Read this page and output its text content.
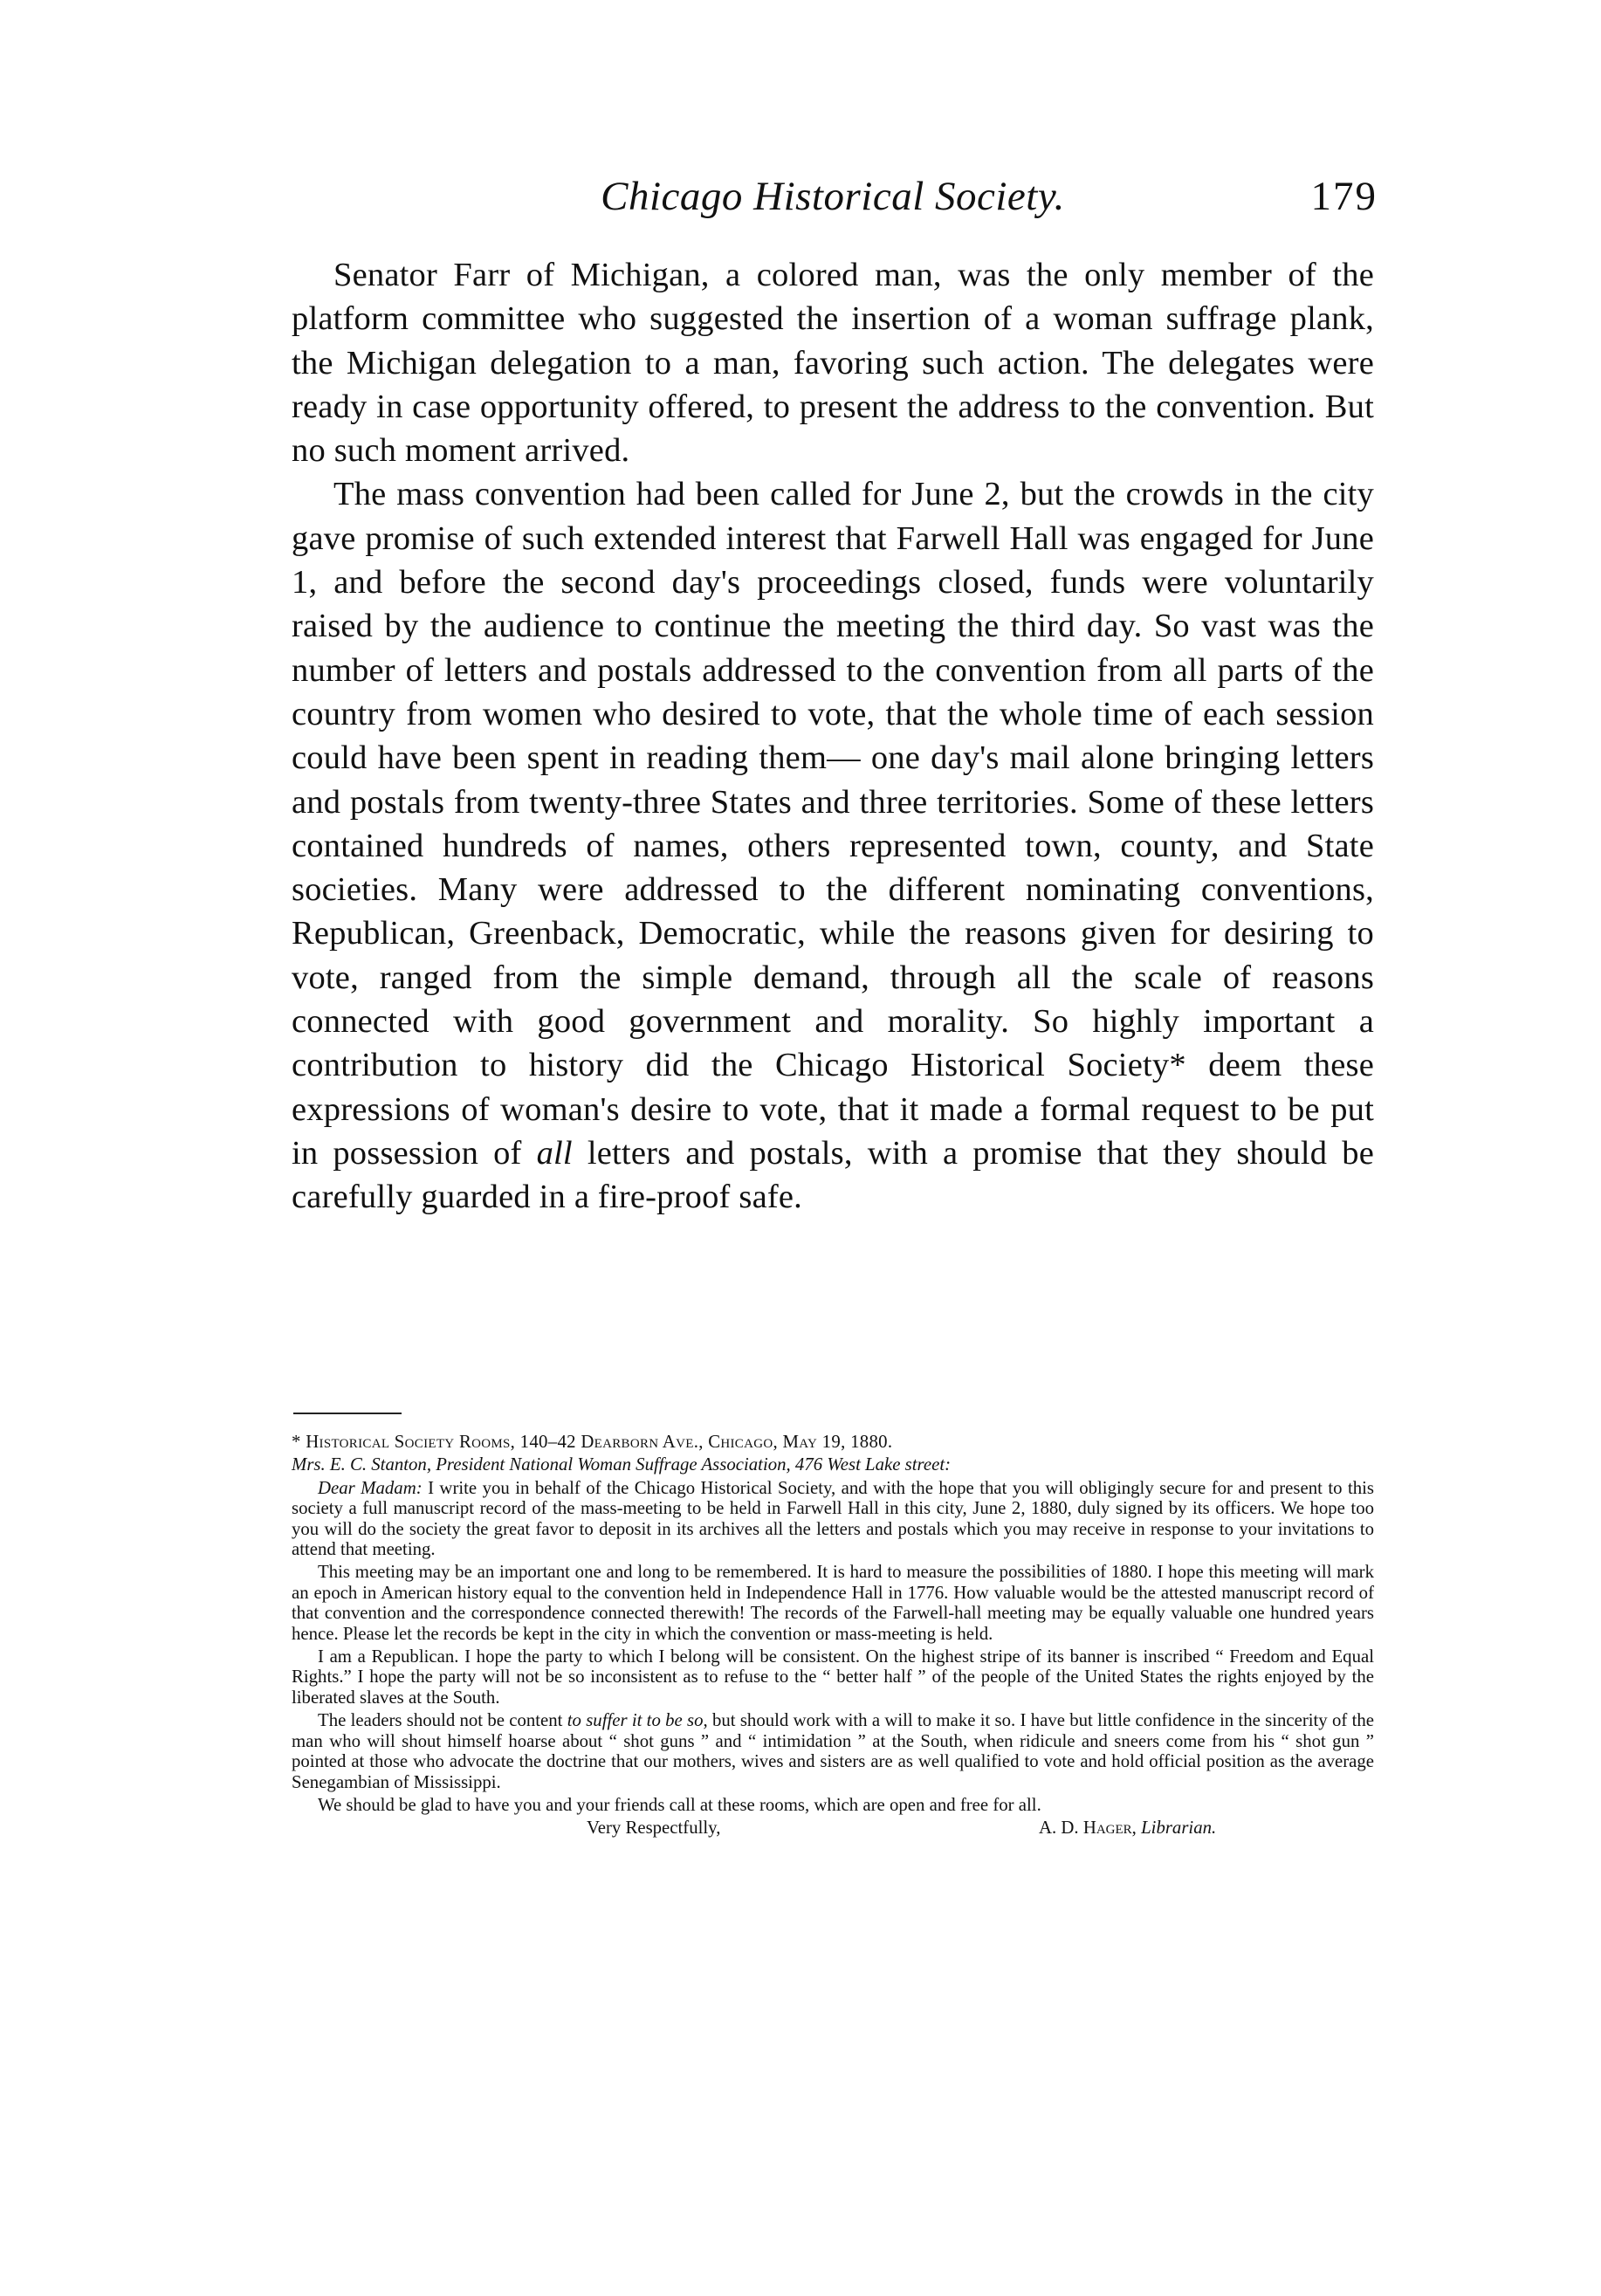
Chicago Historical Society.	179

Senator Farr of Michigan, a colored man, was the only member of the platform committee who suggested the insertion of a woman suffrage plank, the Michigan delegation to a man, favoring such action. The delegates were ready in case opportunity offered, to present the address to the convention. But no such moment arrived.

The mass convention had been called for June 2, but the crowds in the city gave promise of such extended interest that Farwell Hall was engaged for June 1, and before the second day's proceedings closed, funds were voluntarily raised by the audience to continue the meeting the third day. So vast was the number of letters and postals addressed to the convention from all parts of the country from women who desired to vote, that the whole time of each session could have been spent in reading them— one day's mail alone bringing letters and postals from twenty-three States and three territories. Some of these letters contained hundreds of names, others represented town, county, and State societies. Many were addressed to the different nominating conventions, Republican, Greenback, Democratic, while the reasons given for desiring to vote, ranged from the simple demand, through all the scale of reasons connected with good government and morality. So highly important a contribution to history did the Chicago Historical Society* deem these expressions of woman's desire to vote, that it made a formal request to be put in possession of all letters and postals, with a promise that they should be carefully guarded in a fire-proof safe.

* Historical Society Rooms, 140–42 Dearborn Ave., Chicago, May 19, 1880.

Mrs. E. C. Stanton, President National Woman Suffrage Association, 476 West Lake street:

Dear Madam: I write you in behalf of the Chicago Historical Society, and with the hope that you will obligingly secure for and present to this society a full manuscript record of the mass-meeting to be held in Farwell Hall in this city, June 2, 1880, duly signed by its officers. We hope too you will do the society the great favor to deposit in its archives all the letters and postals which you may receive in response to your invitations to attend that meeting.

This meeting may be an important one and long to be remembered. It is hard to measure the possibilities of 1880. I hope this meeting will mark an epoch in American history equal to the convention held in Independence Hall in 1776. How valuable would be the attested manuscript record of that convention and the correspondence connected therewith! The records of the Farwell-hall meeting may be equally valuable one hundred years hence. Please let the records be kept in the city in which the convention or mass-meeting is held.

I am a Republican. I hope the party to which I belong will be consistent. On the highest stripe of its banner is inscribed “ Freedom and Equal Rights.” I hope the party will not be so inconsistent as to refuse to the “ better half ” of the people of the United States the rights enjoyed by the liberated slaves at the South.

The leaders should not be content to suffer it to be so, but should work with a will to make it so. I have but little confidence in the sincerity of the man who will shout himself hoarse about “ shot guns ” and “ intimidation ” at the South, when ridicule and sneers come from his “ shot gun ” pointed at those who advocate the doctrine that our mothers, wives and sisters are as well qualified to vote and hold official position as the average Senegambian of Mississippi.

We should be glad to have you and your friends call at these rooms, which are open and free for all.

Very Respectfully,	A. D. Hager, Librarian.
